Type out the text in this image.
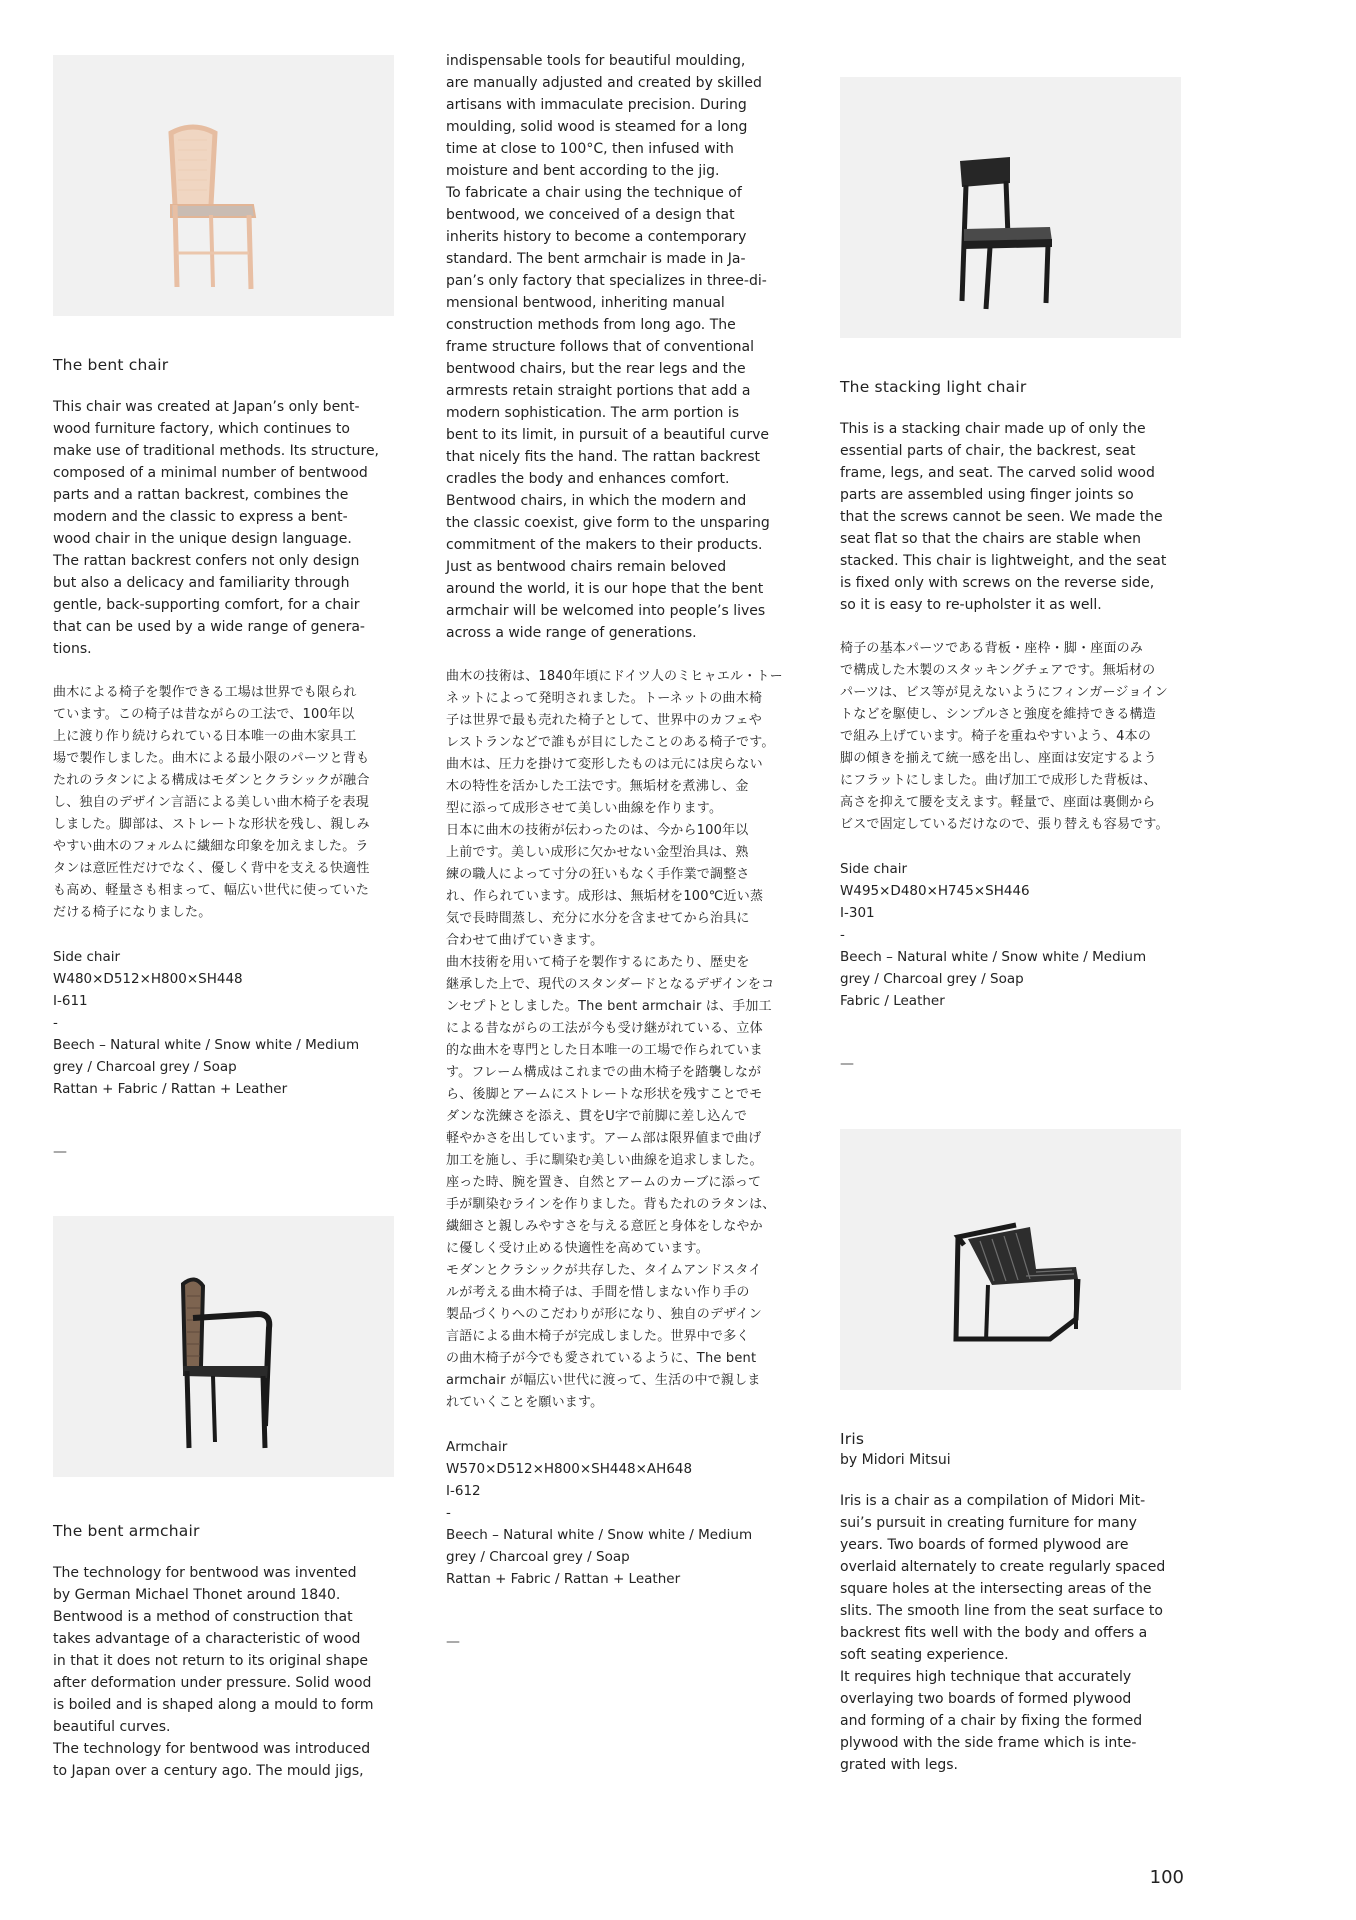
The bent chair

This chair was created at Japan’s only bent-

wood furniture factory, which continues to

make use of traditional methods. Its structure,

composed of a minimal number of bentwood

parts and a rattan backrest, combines the

modern and the classic to express a bent-

wood chair in the unique design language.

The rattan backrest confers not only design

but also a delicacy and familiarity through

gentle, back-supporting comfort, for a chair

that can be used by a wide range of genera-

tions.

曲木による椅子を製作できる工場は世界でも限られ

ています。この椅子は昔ながらの工法で、100年以

上に渡り作り続けられている日本唯一の曲木家具工

場で製作しました。曲木による最小限のパーツと背も

たれのラタンによる構成はモダンとクラシックが融合

し、独自のデザイン言語による美しい曲木椅子を表現

しました。脚部は、ストレートな形状を残し、親しみ

やすい曲木のフォルムに繊細な印象を加えました。ラ

タンは意匠性だけでなく、優しく背中を支える快適性

も高め、軽量さも相まって、幅広い世代に使っていた

だける椅子になりました。

Side chair

W480×D512×H800×SH448

I-611

-

Beech – Natural white / Snow white / Medium

grey / Charcoal grey / Soap

Rattan + Fabric / Rattan + Leather

—

The bent armchair

The technology for bentwood was invented

by German Michael Thonet around 1840.

Bentwood is a method of construction that

takes advantage of a characteristic of wood

in that it does not return to its original shape

after deformation under pressure. Solid wood

is boiled and is shaped along a mould to form

beautiful curves.

The technology for bentwood was introduced

to Japan over a century ago. The mould jigs,

indispensable tools for beautiful moulding,

are manually adjusted and created by skilled

artisans with immaculate precision. During

moulding, solid wood is steamed for a long

time at close to 100°C, then infused with

moisture and bent according to the jig.

To fabricate a chair using the technique of

bentwood, we conceived of a design that

inherits history to become a contemporary

standard. The bent armchair is made in Ja-

pan’s only factory that specializes in three-di-

mensional bentwood, inheriting manual

construction methods from long ago. The

frame structure follows that of conventional

bentwood chairs, but the rear legs and the

armrests retain straight portions that add a

modern sophistication. The arm portion is

bent to its limit, in pursuit of a beautiful curve

that nicely fits the hand. The rattan backrest

cradles the body and enhances comfort.

Bentwood chairs, in which the modern and

the classic coexist, give form to the unsparing

commitment of the makers to their products.

Just as bentwood chairs remain beloved

around the world, it is our hope that the bent

armchair will be welcomed into people’s lives

across a wide range of generations.

曲木の技術は、1840年頃にドイツ人のミヒャエル・トー

ネットによって発明されました。トーネットの曲木椅

子は世界で最も売れた椅子として、世界中のカフェや

レストランなどで誰もが目にしたことのある椅子です。

曲木は、圧力を掛けて変形したものは元には戻らない

木の特性を活かした工法です。無垢材を煮沸し、金

型に添って成形させて美しい曲線を作ります。

日本に曲木の技術が伝わったのは、今から100年以

上前です。美しい成形に欠かせない金型治具は、熟

練の職人によって寸分の狂いもなく手作業で調整さ

れ、作られています。成形は、無垢材を100℃近い蒸

気で長時間蒸し、充分に水分を含ませてから治具に

合わせて曲げていきます。

曲木技術を用いて椅子を製作するにあたり、歴史を

継承した上で、現代のスタンダードとなるデザインをコ

ンセプトとしました。The bent armchair は、手加工

による昔ながらの工法が今も受け継がれている、立体

的な曲木を専門とした日本唯一の工場で作られていま

す。フレーム構成はこれまでの曲木椅子を踏襲しなが

ら、後脚とアームにストレートな形状を残すことでモ

ダンな洗練さを添え、貫をU字で前脚に差し込んで

軽やかさを出しています。アーム部は限界値まで曲げ

加工を施し、手に馴染む美しい曲線を追求しました。

座った時、腕を置き、自然とアームのカーブに添って

手が馴染むラインを作りました。背もたれのラタンは、

繊細さと親しみやすさを与える意匠と身体をしなやか

に優しく受け止める快適性を高めています。

モダンとクラシックが共存した、タイムアンドスタイ

ルが考える曲木椅子は、手間を惜しまない作り手の

製品づくりへのこだわりが形になり、独自のデザイン

言語による曲木椅子が完成しました。世界中で多く

の曲木椅子が今でも愛されているように、The bent

armchair が幅広い世代に渡って、生活の中で親しま

れていくことを願います。

Armchair

W570×D512×H800×SH448×AH648

I-612

-

Beech – Natural white / Snow white / Medium

grey / Charcoal grey / Soap

Rattan + Fabric / Rattan + Leather

—

The stacking light chair

This is a stacking chair made up of only the

essential parts of chair, the backrest, seat

frame, legs, and seat. The carved solid wood

parts are assembled using finger joints so

that the screws cannot be seen. We made the

seat flat so that the chairs are stable when

stacked. This chair is lightweight, and the seat

is fixed only with screws on the reverse side,

so it is easy to re-upholster it as well.

椅子の基本パーツである背板・座枠・脚・座面のみ

で構成した木製のスタッキングチェアです。無垢材の

パーツは、ビス等が見えないようにフィンガージョイン

トなどを駆使し、シンプルさと強度を維持できる構造

で組み上げています。椅子を重ねやすいよう、4本の

脚の傾きを揃えて統一感を出し、座面は安定するよう

にフラットにしました。曲げ加工で成形した背板は、

高さを抑えて腰を支えます。軽量で、座面は裏側から

ビスで固定しているだけなので、張り替えも容易です。

Side chair

W495×D480×H745×SH446

I-301

-

Beech – Natural white / Snow white / Medium

grey / Charcoal grey / Soap

Fabric / Leather

—

Iris

by Midori Mitsui

Iris is a chair as a compilation of Midori Mit-

sui’s pursuit in creating furniture for many

years. Two boards of formed plywood are

overlaid alternately to create regularly spaced

square holes at the intersecting areas of the

slits. The smooth line from the seat surface to

backrest fits well with the body and offers a

soft seating experience.

It requires high technique that accurately

overlaying two boards of formed plywood

and forming of a chair by fixing the formed

plywood with the side frame which is inte-

grated with legs.

100
